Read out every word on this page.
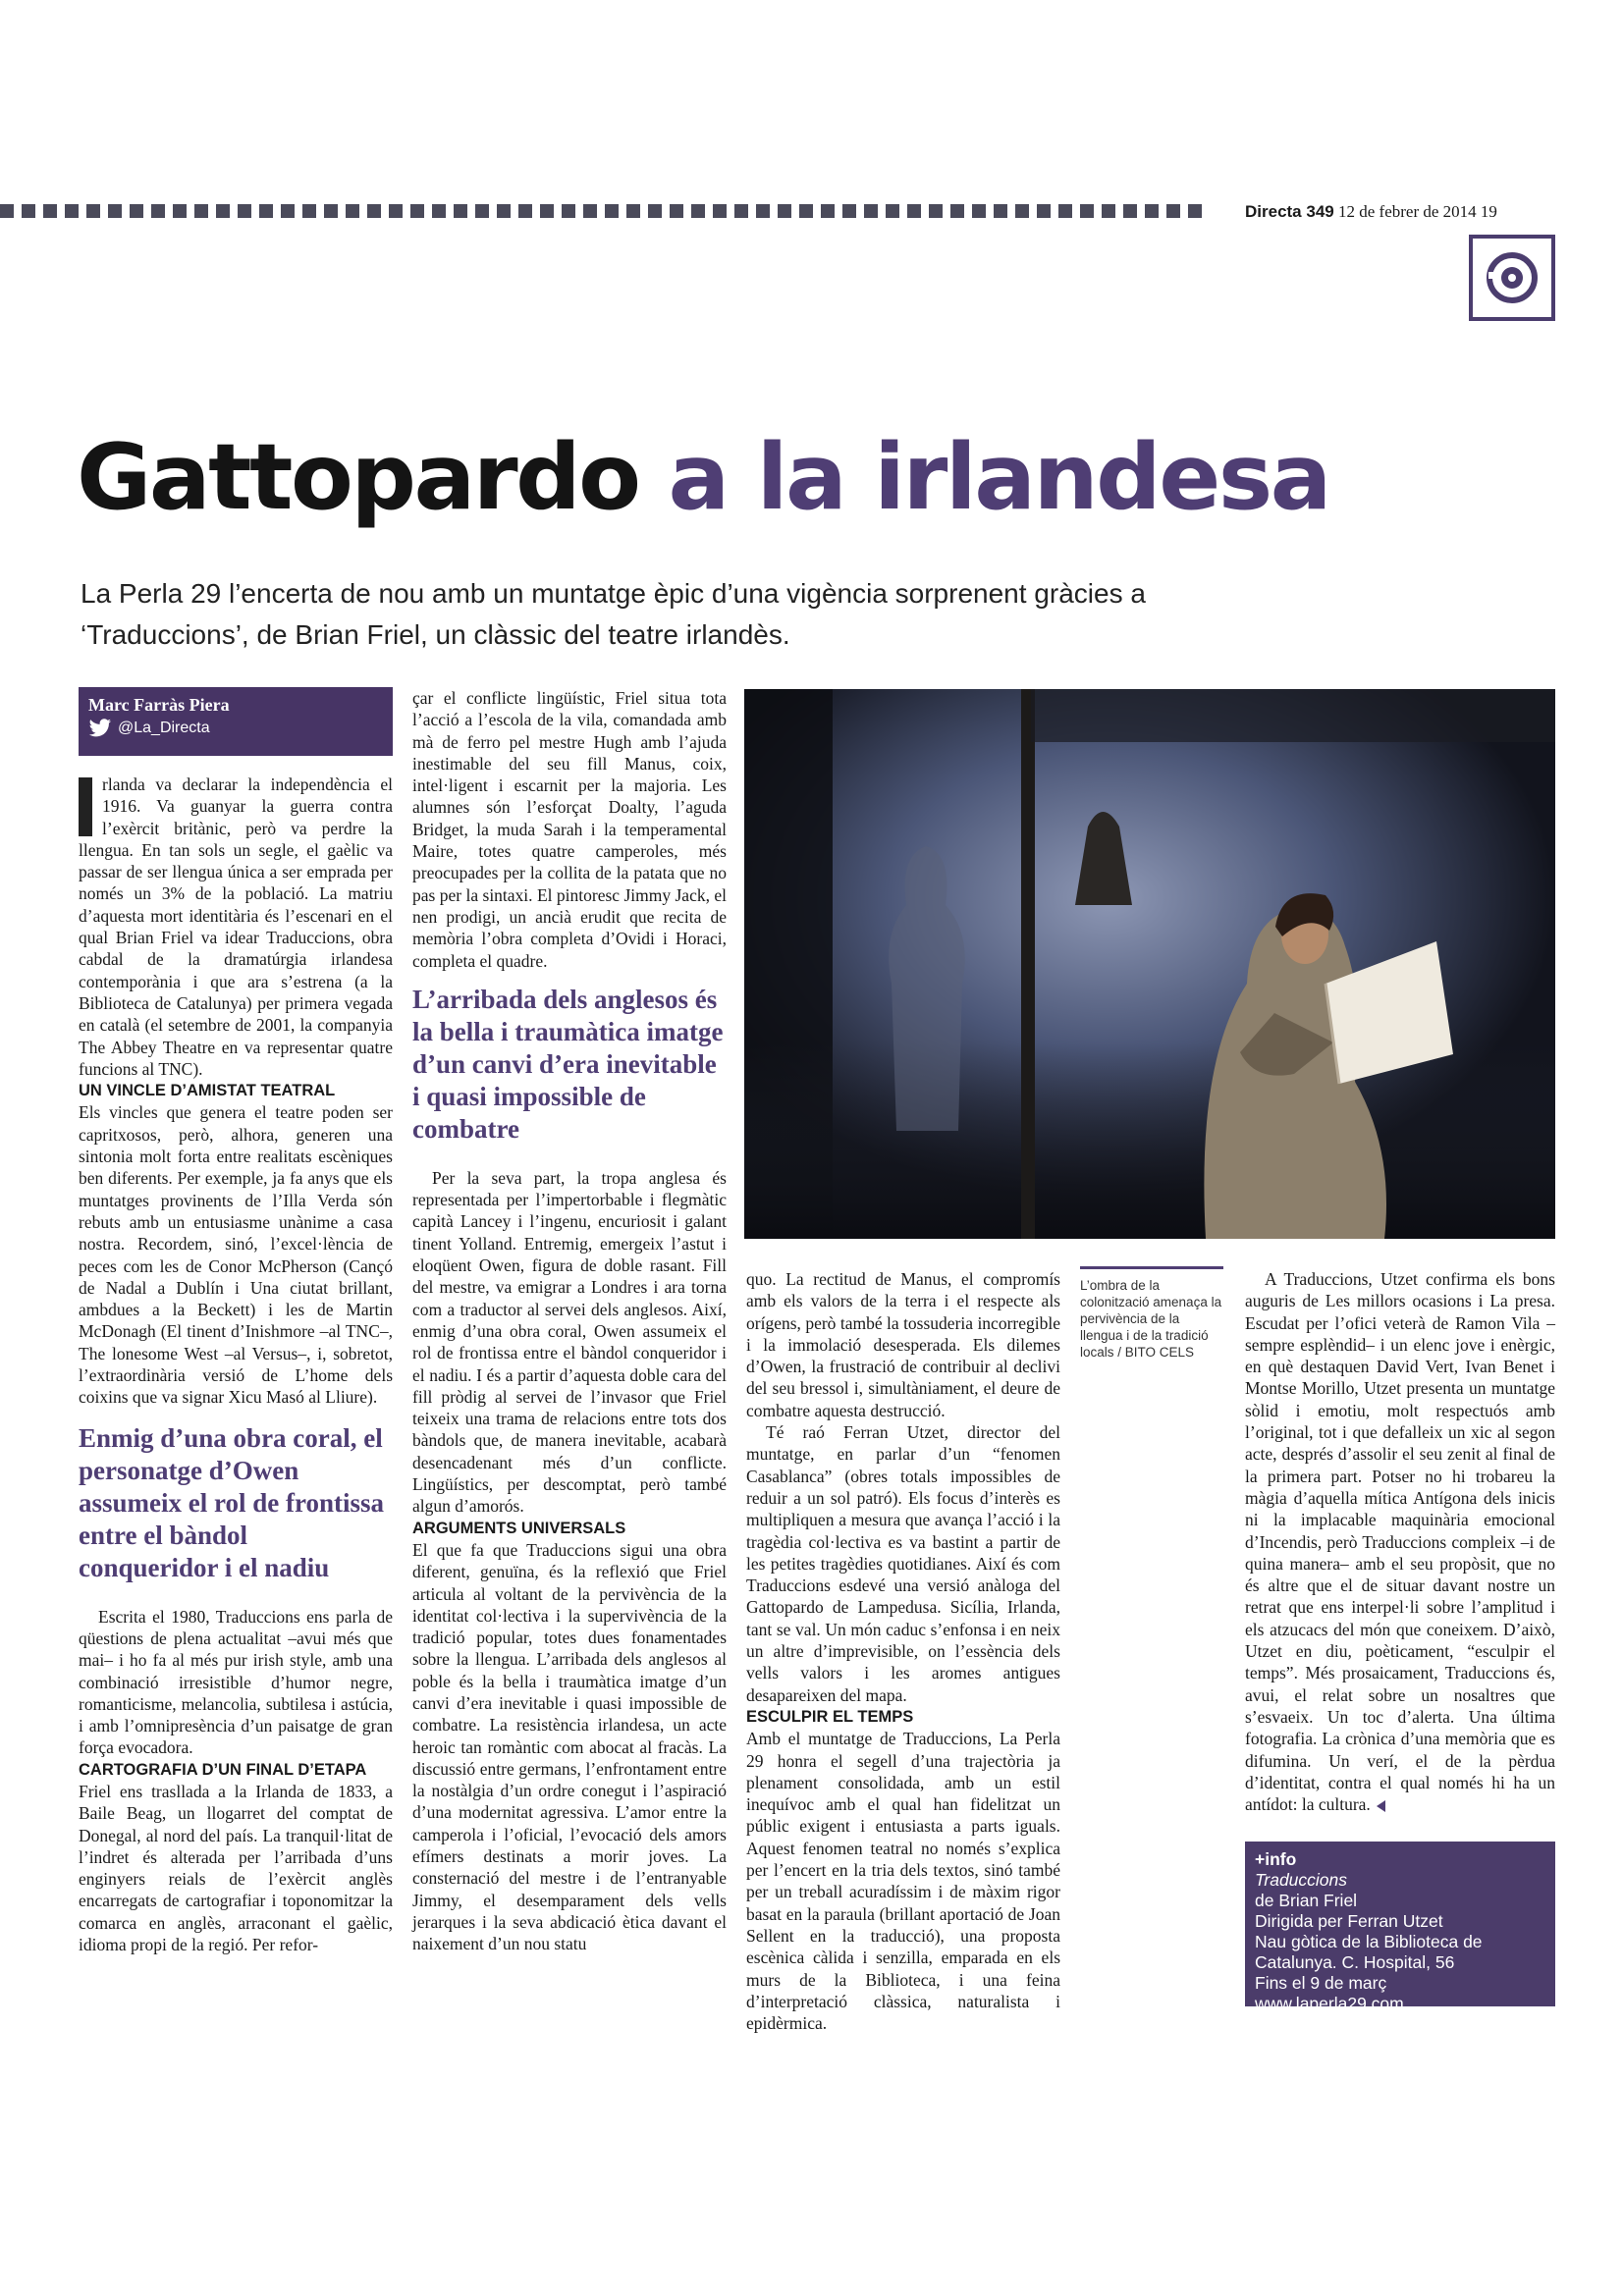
Directa 349 12 de febrer de 2014 19
Gattopardo a la irlandesa

La Perla 29 l’encerta de nou amb un muntatge èpic d’una vigència sorprenent gràcies a ‘Traduccions’, de Brian Friel, un clàssic del teatre irlandès.

Marc Farràs Piera
@La_Directa

rlanda va declarar la independència el 1916. Va guanyar la guerra contra l’exèrcit britànic, però va perdre la llengua. En tan sols un segle, el gaèlic va passar de ser llengua única a ser emprada per només un 3% de la població. La matriu d’aquesta mort identitària és l’escenari en el qual Brian Friel va idear Traduccions, obra cabdal de la dramatúrgia irlandesa contemporània i que ara s’estrena (a la Biblioteca de Catalunya) per primera vegada en català (el setembre de 2001, la companyia The Abbey Theatre en va representar quatre funcions al TNC).

UN VINCLE D’AMISTAT TEATRAL

Els vincles que genera el teatre poden ser capritxosos, però, alhora, generen una sintonia molt forta entre realitats escèniques ben diferents. Per exemple, ja fa anys que els muntatges provinents de l’Illa Verda són rebuts amb un entusiasme unànime a casa nostra. Recordem, sinó, l’excel·lència de peces com les de Conor McPherson (Cançó de Nadal a Dublín i Una ciutat brillant, ambdues a la Beckett) i les de Martin McDonagh (El tinent d’Inishmore –al TNC–, The lonesome West –al Versus–, i, sobretot, l’extraordinària versió de L’home dels coixins que va signar Xicu Masó al Lliure).

Enmig d’una obra coral, el personatge d’Owen assumeix el rol de frontissa entre el bàndol conqueridor i el nadiu

Escrita el 1980, Traduccions ens parla de qüestions de plena actualitat –avui més que mai– i ho fa al més pur irish style, amb una combinació irresistible d’humor negre, romanticisme, melancolia, subtilesa i astúcia, i amb l’omnipresència d’un paisatge de gran força evocadora.

CARTOGRAFIA D’UN FINAL D’ETAPA

Friel ens trasllada a la Irlanda de 1833, a Baile Beag, un llogarret del comptat de Donegal, al nord del país. La tranquil·litat de l’indret és alterada per l’arribada d’uns enginyers reials de l’exèrcit anglès encarregats de cartografiar i toponomitzar la comarca en anglès, arraconant el gaèlic, idioma propi de la regió. Per refor-

çar el conflicte lingüístic, Friel situa tota l’acció a l’escola de la vila, comandada amb mà de ferro pel mestre Hugh amb l’ajuda inestimable del seu fill Manus, coix, intel·ligent i escarnit per la majoria. Les alumnes són l’esforçat Doalty, l’aguda Bridget, la muda Sarah i la temperamental Maire, totes quatre camperoles, més preocupades per la collita de la patata que no pas per la sintaxi. El pintoresc Jimmy Jack, el nen prodigi, un ancià erudit que recita de memòria l’obra completa d’Ovidi i Horaci, completa el quadre.

L’arribada dels anglesos és la bella i traumàtica imatge d’un canvi d’era inevitable i quasi impossible de combatre

Per la seva part, la tropa anglesa és representada per l’impertorbable i flegmàtic capità Lancey i l’ingenu, encuriosit i galant tinent Yolland. Entremig, emergeix l’astut i eloqüent Owen, figura de doble rasant. Fill del mestre, va emigrar a Londres i ara torna com a traductor al servei dels anglesos. Així, enmig d’una obra coral, Owen assumeix el rol de frontissa entre el bàndol conqueridor i el nadiu. I és a partir d’aquesta doble cara del fill pròdig al servei de l’invasor que Friel teixeix una trama de relacions entre tots dos bàndols que, de manera inevitable, acabarà desencadenant més d’un conflicte. Lingüístics, per descomptat, però també algun d’amorós.

ARGUMENTS UNIVERSALS

El que fa que Traduccions sigui una obra diferent, genuïna, és la reflexió que Friel articula al voltant de la pervivència de la identitat col·lectiva i la supervivència de la tradició popular, totes dues fonamentades sobre la llengua. L’arribada dels anglesos al poble és la bella i traumàtica imatge d’un canvi d’era inevitable i quasi impossible de combatre. La resistència irlandesa, un acte heroic tan romàntic com abocat al fracàs. La discussió entre germans, l’enfrontament entre la nostàlgia d’un ordre conegut i l’aspiració d’una modernitat agressiva. L’amor entre la camperola i l’oficial, l’evocació dels amors efímers destinats a morir joves. La consternació del mestre i de l’entranyable Jimmy, el desemparament dels vells jerarques i la seva abdicació ètica davant el naixement d’un nou statu

quo. La rectitud de Manus, el compromís amb els valors de la terra i el respecte als orígens, però també la tossuderia incorregible i la immolació desesperada. Els dilemes d’Owen, la frustració de contribuir al declivi del seu bressol i, simultàniament, el deure de combatre aquesta destrucció.

Té raó Ferran Utzet, director del muntatge, en parlar d’un “fenomen Casablanca” (obres totals impossibles de reduir a un sol patró). Els focus d’interès es multipliquen a mesura que avança l’acció i la tragèdia col·lectiva es va bastint a partir de les petites tragèdies quotidianes. Així és com Traduccions esdevé una versió anàloga del Gattopardo de Lampedusa. Sicília, Irlanda, tant se val. Un món caduc s’enfonsa i en neix un altre d’imprevisible, on l’essència dels vells valors i les aromes antigues desapareixen del mapa.

ESCULPIR EL TEMPS

Amb el muntatge de Traduccions, La Perla 29 honra el segell d’una trajectòria ja plenament consolidada, amb un estil inequívoc amb el qual han fidelitzat un públic exigent i entusiasta a parts iguals. Aquest fenomen teatral no només s’explica per l’encert en la tria dels textos, sinó també per un treball acuradíssim i de màxim rigor basat en la paraula (brillant aportació de Joan Sellent en la traducció), una proposta escènica càlida i senzilla, emparada en els murs de la Biblioteca, i una feina d’interpretació clàssica, naturalista i epidèrmica.

L’ombra de la colonització amenaça la pervivència de la llengua i de la tradició locals / BITO CELS

A Traduccions, Utzet confirma els bons auguris de Les millors ocasions i La presa. Escudat per l’ofici veterà de Ramon Vila –sempre esplèndid– i un elenc jove i enèrgic, en què destaquen David Vert, Ivan Benet i Montse Morillo, Utzet presenta un muntatge sòlid i emotiu, molt respectuós amb l’original, tot i que defalleix un xic al segon acte, després d’assolir el seu zenit al final de la primera part. Potser no hi trobareu la màgia d’aquella mítica Antígona dels inicis ni la implacable maquinària emocional d’Incendis, però Traduccions compleix –i de quina manera– amb el seu propòsit, que no és altre que el de situar davant nostre un retrat que ens interpel·li sobre l’amplitud i els atzucacs del món que coneixem. D’això, Utzet en diu, poèticament, “esculpir el temps”. Més prosaicament, Traduccions és, avui, el relat sobre un nosaltres que s’esvaeix. Un toc d’alerta. Una última fotografia. La crònica d’una memòria que es difumina. Un verí, el de la pèrdua d’identitat, contra el qual només hi ha un antídot: la cultura.

+info
Traduccions
de Brian Friel
Dirigida per Ferran Utzet
Nau gòtica de la Biblioteca de Catalunya. C. Hospital, 56
Fins el 9 de març
www.laperla29.com
